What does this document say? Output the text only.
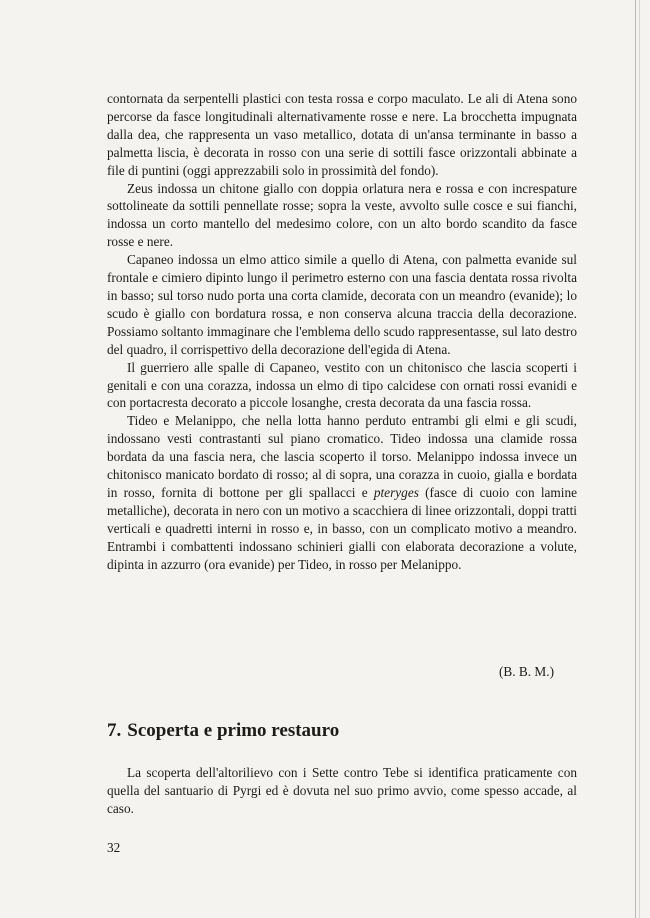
contornata da serpentelli plastici con testa rossa e corpo maculato. Le ali di Atena sono percorse da fasce longitudinali alternativamente rosse e nere. La brocchetta impugnata dalla dea, che rappresenta un vaso metallico, dotata di un'ansa terminante in basso a palmetta liscia, è decorata in rosso con una serie di sottili fasce orizzontali abbinate a file di puntini (oggi apprezzabili solo in prossimità del fondo).

Zeus indossa un chitone giallo con doppia orlatura nera e rossa e con increspature sottolineate da sottili pennellate rosse; sopra la veste, avvolto sulle cosce e sui fianchi, indossa un corto mantello del medesimo colore, con un alto bordo scandito da fasce rosse e nere.

Capaneo indossa un elmo attico simile a quello di Atena, con palmetta evanide sul frontale e cimiero dipinto lungo il perimetro esterno con una fascia dentata rossa rivolta in basso; sul torso nudo porta una corta clamide, decorata con un meandro (evanide); lo scudo è giallo con bordatura rossa, e non conserva alcuna traccia della decorazione. Possiamo soltanto immaginare che l'emblema dello scudo rappresentasse, sul lato destro del quadro, il corrispettivo della decorazione dell'egida di Atena.

Il guerriero alle spalle di Capaneo, vestito con un chitonisco che lascia scoperti i genitali e con una corazza, indossa un elmo di tipo calcidese con ornati rossi evanidi e con portacresta decorato a piccole losanghe, cresta decorata da una fascia rossa.

Tideo e Melanippo, che nella lotta hanno perduto entrambi gli elmi e gli scudi, indossano vesti contrastanti sul piano cromatico. Tideo indossa una clamide rossa bordata da una fascia nera, che lascia scoperto il torso. Melanippo indossa invece un chitonisco manicato bordato di rosso; al di sopra, una corazza in cuoio, gialla e bordata in rosso, fornita di bottone per gli spallacci e pteryges (fasce di cuoio con lamine metalliche), decorata in nero con un motivo a scacchiera di linee orizzontali, doppi tratti verticali e quadretti interni in rosso e, in basso, con un complicato motivo a meandro. Entrambi i combattenti indossano schinieri gialli con elaborata decorazione a volute, dipinta in azzurro (ora evanide) per Tideo, in rosso per Melanippo.

(B. B. M.)
7. Scoperta e primo restauro

La scoperta dell'altorilievo con i Sette contro Tebe si identifica praticamente con quella del santuario di Pyrgi ed è dovuta nel suo primo avvio, come spesso accade, al caso.

32
